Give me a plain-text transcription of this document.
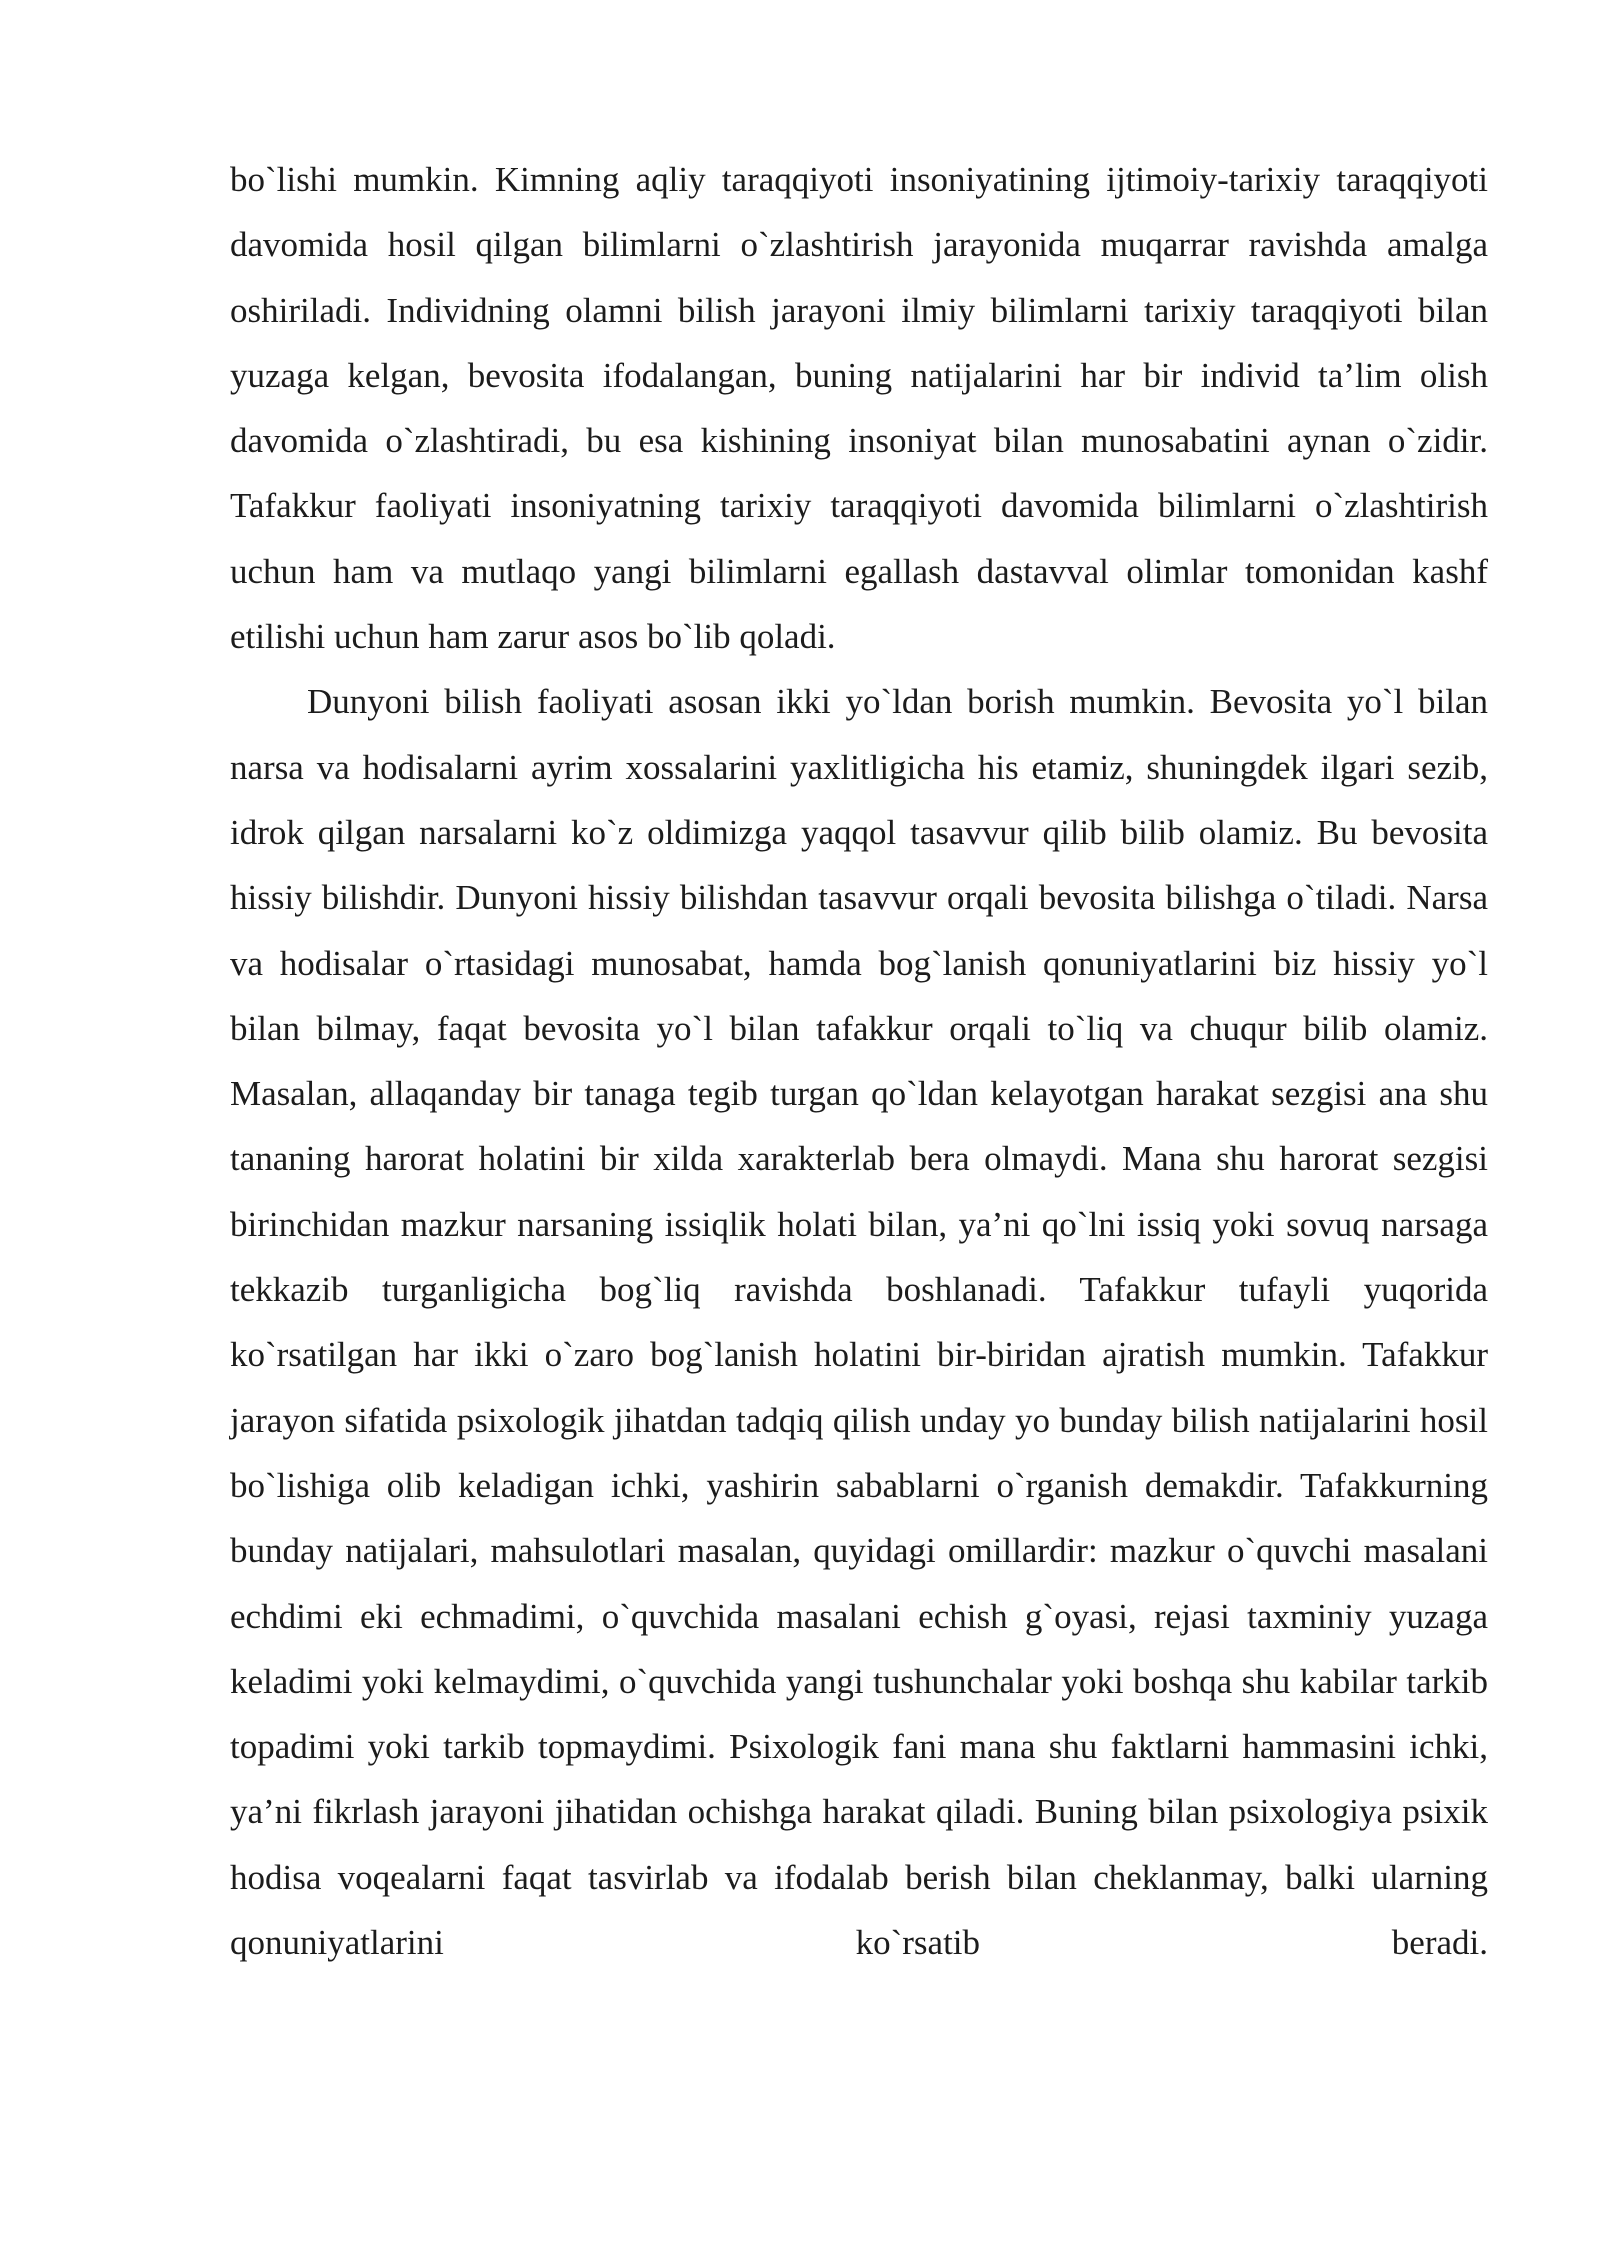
bo`lishi mumkin. Kimning aqliy taraqqiyoti insoniyatining ijtimoiy-tarixiy taraqqiyoti davomida hosil qilgan bilimlarni o`zlashtirish jarayonida muqarrar ravishda amalga oshiriladi. Individning olamni bilish jarayoni ilmiy bilimlarni tarixiy taraqqiyoti bilan yuzaga kelgan, bevosita ifodalangan, buning natijalarini har bir individ ta’lim olish davomida o`zlashtiradi, bu esa kishining insoniyat bilan munosabatini aynan o`zidir. Tafakkur faoliyati insoniyatning tarixiy taraqqiyoti davomida bilimlarni o`zlashtirish uchun ham va mutlaqo yangi bilimlarni egallash dastavval olimlar tomonidan kashf etilishi uchun ham zarur asos bo`lib qoladi.

Dunyoni bilish faoliyati asosan ikki yo`ldan borish mumkin. Bevosita yo`l bilan narsa va hodisalarni ayrim xossalarini yaxlitligicha his etamiz, shuningdek ilgari sezib, idrok qilgan narsalarni ko`z oldimizga yaqqol tasavvur qilib bilib olamiz. Bu bevosita hissiy bilishdir. Dunyoni hissiy bilishdan tasavvur orqali bevosita bilishga o`tiladi. Narsa va hodisalar o`rtasidagi munosabat, hamda bog`lanish qonuniyatlarini biz hissiy yo`l bilan bilmay, faqat bevosita yo`l bilan tafakkur orqali to`liq va chuqur bilib olamiz. Masalan, allaqanday bir tanaga tegib turgan qo`ldan kelayotgan harakat sezgisi ana shu tananing harorat holatini bir xilda xarakterlab bera olmaydi. Mana shu harorat sezgisi birinchidan mazkur narsaning issiqlik holati bilan, ya’ni qo`lni issiq yoki sovuq narsaga tekkazib turganligicha bog`liq ravishda boshlanadi. Tafakkur tufayli yuqorida ko`rsatilgan har ikki o`zaro bog`lanish holatini bir-biridan ajratish mumkin. Tafakkur jarayon sifatida psixologik jihatdan tadqiq qilish unday yo bunday bilish natijalarini hosil bo`lishiga olib keladigan ichki, yashirin sabablarni o`rganish demakdir. Tafakkurning bunday natijalari, mahsulotlari masalan, quyidagi omillardir: mazkur o`quvchi masalani echdimi eki echmadimi, o`quvchida masalani echish g`oyasi, rejasi taxminiy yuzaga keladimi yoki kelmaydimi, o`quvchida yangi tushunchalar yoki boshqa shu kabilar tarkib topadimi yoki tarkib topmaydimi. Psixologik fani mana shu faktlarni hammasini ichki, ya’ni fikrlash jarayoni jihatidan ochishga harakat qiladi. Buning bilan psixologiya psixik hodisa voqealarni faqat tasvirlab va ifodalab berish bilan cheklanmay, balki ularning qonuniyatlarini ko`rsatib beradi.
